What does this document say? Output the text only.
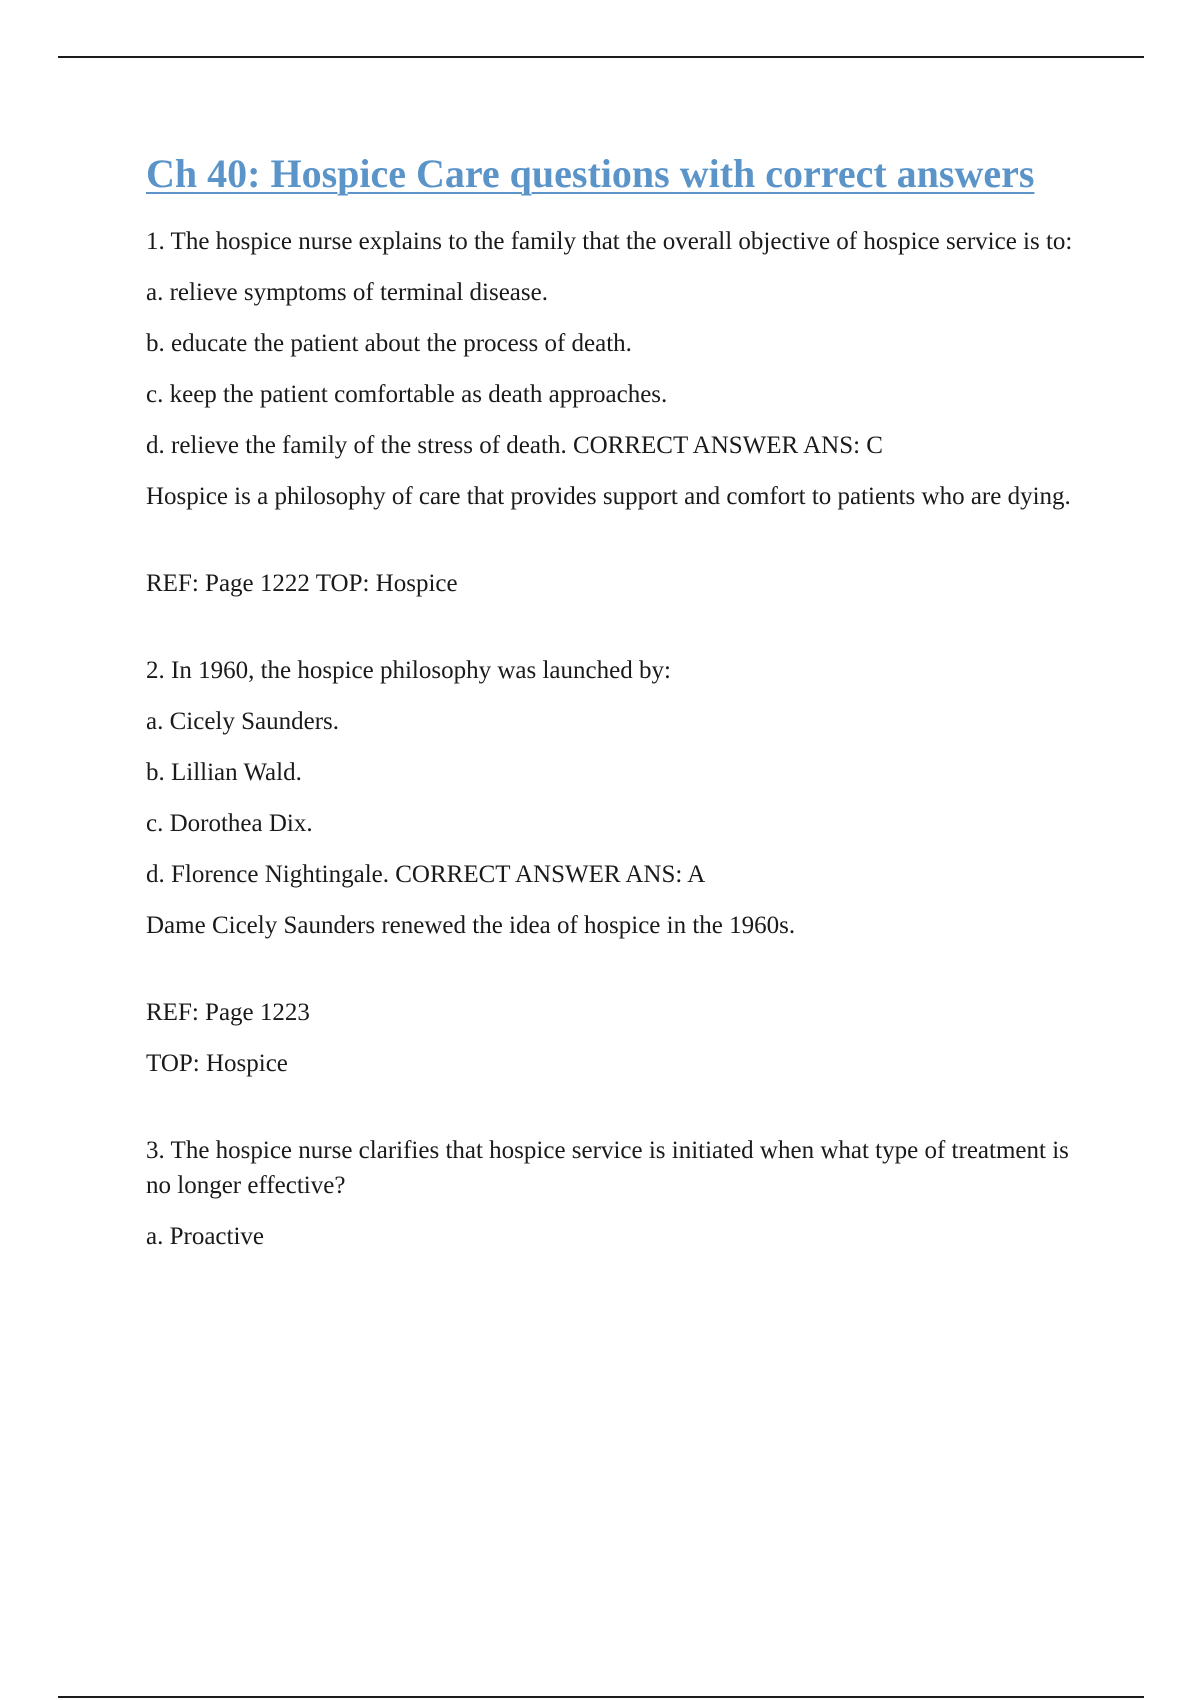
Ch 40: Hospice Care questions with correct answers

1. The hospice nurse explains to the family that the overall objective of hospice service is to:

a. relieve symptoms of terminal disease.

b. educate the patient about the process of death.

c. keep the patient comfortable as death approaches.

d. relieve the family of the stress of death. CORRECT ANSWER ANS: C

Hospice is a philosophy of care that provides support and comfort to patients who are dying.

REF: Page 1222 TOP: Hospice

2. In 1960, the hospice philosophy was launched by:

a. Cicely Saunders.

b. Lillian Wald.

c. Dorothea Dix.

d. Florence Nightingale. CORRECT ANSWER ANS: A

Dame Cicely Saunders renewed the idea of hospice in the 1960s.

REF: Page 1223

TOP: Hospice

3. The hospice nurse clarifies that hospice service is initiated when what type of treatment is no longer effective?

a. Proactive
